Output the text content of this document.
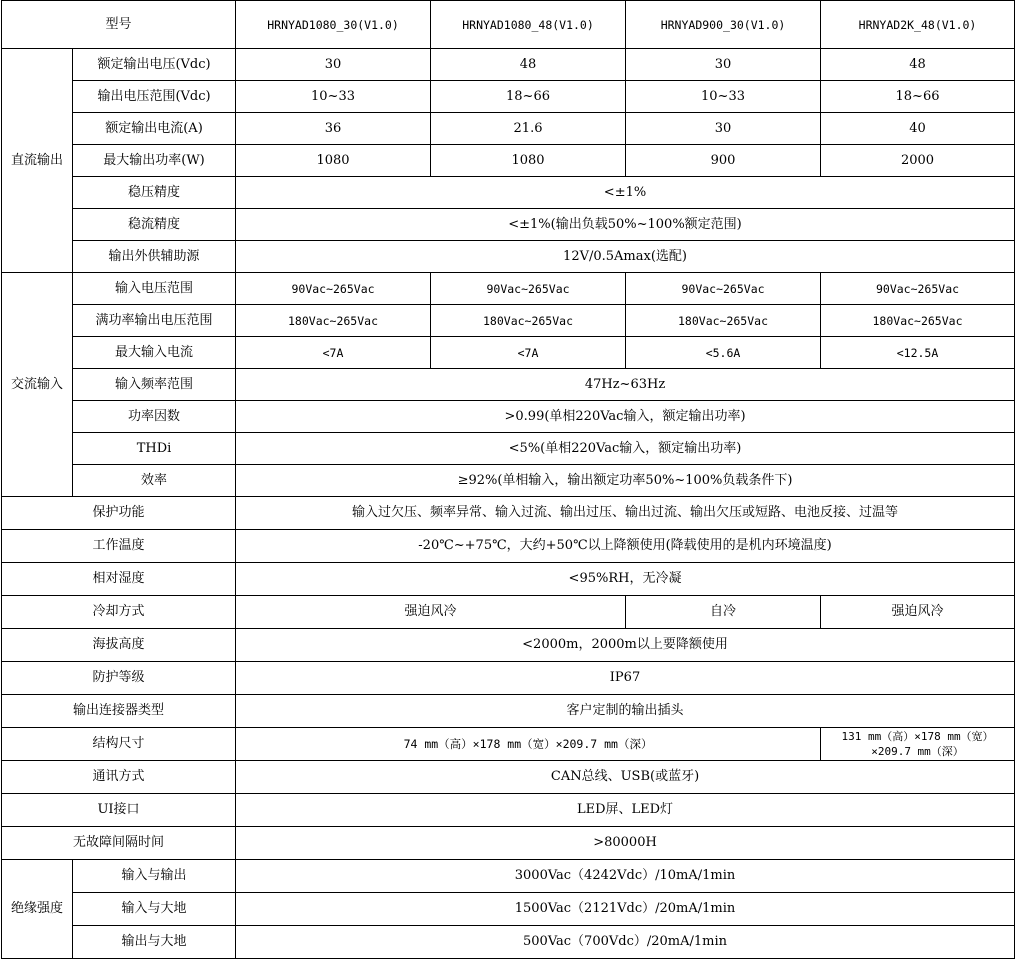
型号		HRNYAD1080_30(V1.0)	HRNYAD1080_48(V1.0)	HRNYAD900_30(V1.0)	HRNYAD2K_48(V1.0)
直流输出	额定输出电压(Vdc)	30	48	30	48
	输出电压范围(Vdc)	10~33	18~66	10~33	18~66
	额定输出电流(A)	36	21.6	30	40
	最大输出功率(W)	1080	1080	900	2000
	稳压精度	<±1%			
	稳流精度	<±1%(输出负载50%~100%额定范围)			
	输出外供辅助源	12V/0.5Amax(选配)			
交流输入	输入电压范围	90Vac~265Vac	90Vac~265Vac	90Vac~265Vac	90Vac~265Vac
	满功率输出电压范围	180Vac~265Vac	180Vac~265Vac	180Vac~265Vac	180Vac~265Vac
	最大输入电流	<7A	<7A	<5.6A	<12.5A
	输入频率范围	47Hz~63Hz			
	功率因数	>0.99(单相220Vac输入，额定输出功率)			
	THDi	<5%(单相220Vac输入，额定输出功率)			
	效率	≥92%(单相输入，输出额定功率50%~100%负载条件下)			
保护功能		输入过欠压、频率异常、输入过流、输出过压、输出过流、输出欠压或短路、电池反接、过温等			
工作温度		-20℃~+75℃，大约+50℃以上降额使用(降载使用的是机内环境温度)			
相对湿度		<95%RH，无冷凝			
冷却方式		强迫风冷		自冷	强迫风冷
海拔高度		<2000m，2000m以上要降额使用			
防护等级		IP67			
输出连接器类型		客户定制的输出插头			
结构尺寸		74 mm（高）×178 mm（宽）×209.7 mm（深）			131 mm（高）×178 mm（宽）×209.7 mm（深）
通讯方式		CAN总线、USB(或蓝牙)			
UI接口		LED屏、LED灯			
无故障间隔时间		>80000H			
绝缘强度	输入与输出	3000Vac（4242Vdc）/10mA/1min			
	输入与大地	1500Vac（2121Vdc）/20mA/1min			
	输出与大地	500Vac（700Vdc）/20mA/1min			
